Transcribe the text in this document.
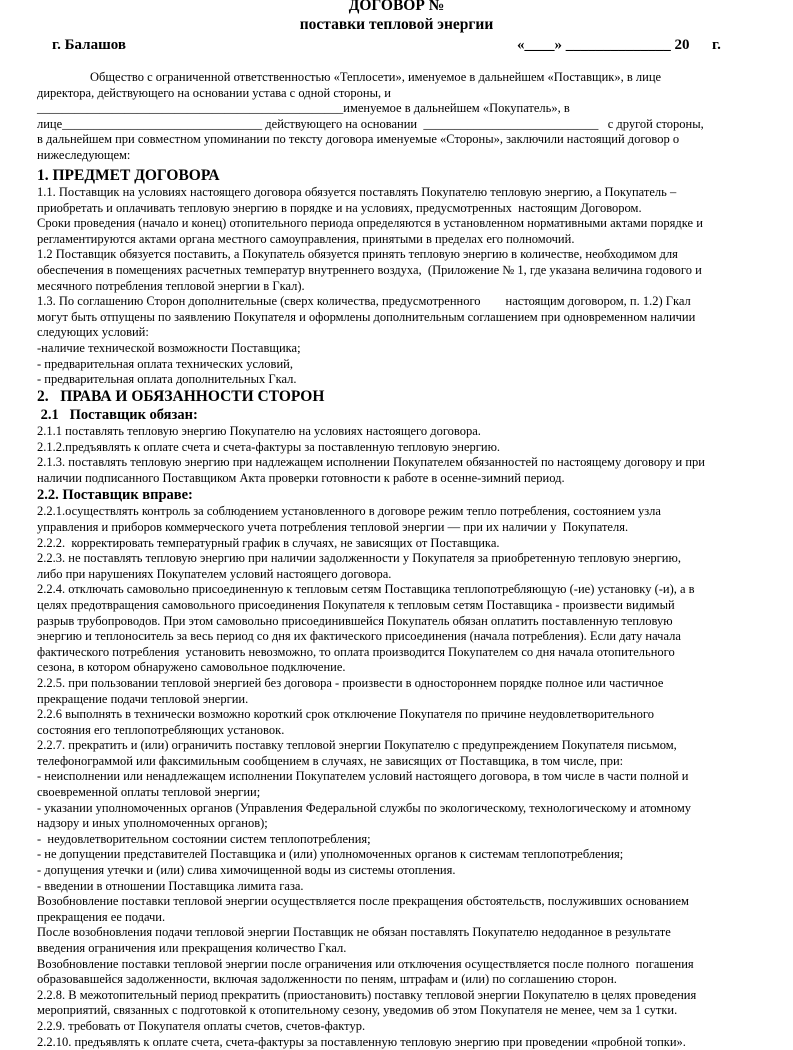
ДОГОВОР №
поставки тепловой энергии
г. Балашов	«____» ______________ 20      г.

Общество с ограниченной ответственностью «Теплосети», именуемое в дальнейшем «Поставщик», в лице

директора, действующего на основании устава с одной стороны, и

_________________________________________________именуемое в дальнейшем «Покупатель», в

лице________________________________ действующего на основании  ____________________________   с другой стороны,

в дальнейшем при совместном упоминании по тексту договора именуемые «Стороны», заключили настоящий договор о

нижеследующем:

1. ПРЕДМЕТ ДОГОВОРА

1.1. Поставщик на условиях настоящего договора обязуется поставлять Покупателю тепловую энергию, а Покупатель –

приобретать и оплачивать тепловую энергию в порядке и на условиях, предусмотренных  настоящим Договором.

Сроки проведения (начало и конец) отопительного периода определяются в установленном нормативными актами порядке и

регламентируются актами органа местного самоуправления, принятыми в пределах его полномочий.

1.2 Поставщик обязуется поставить, а Покупатель обязуется принять тепловую энергию в количестве, необходимом для

обеспечения в помещениях расчетных температур внутреннего воздуха,  (Приложение № 1, где указана величина годового и

месячного потребления тепловой энергии в Гкал).

1.3. По соглашению Сторон дополнительные (сверх количества, предусмотренного        настоящим договором, п. 1.2) Гкал

могут быть отпущены по заявлению Покупателя и оформлены дополнительным соглашением при одновременном наличии

следующих условий:

-наличие технической возможности Поставщика;

- предварительная оплата технических условий,

- предварительная оплата дополнительных Гкал.

2.   ПРАВА И ОБЯЗАННОСТИ СТОРОН

2.1   Поставщик обязан:

2.1.1 поставлять тепловую энергию Покупателю на условиях настоящего договора.

2.1.2.предъявлять к оплате счета и счета-фактуры за поставленную тепловую энергию.

2.1.3. поставлять тепловую энергию при надлежащем исполнении Покупателем обязанностей по настоящему договору и при

наличии подписанного Поставщиком Акта проверки готовности к работе в осенне-зимний период.

2.2. Поставщик вправе:

2.2.1.осуществлять контроль за соблюдением установленного в договоре режим тепло потребления, состоянием узла

управления и приборов коммерческого учета потребления тепловой энергии — при их наличии у  Покупателя.

2.2.2.  корректировать температурный график в случаях, не зависящих от Поставщика.

2.2.3. не поставлять тепловую энергию при наличии задолженности у Покупателя за приобретенную тепловую энергию,

либо при нарушениях Покупателем условий настоящего договора.

2.2.4. отключать самовольно присоединенную к тепловым сетям Поставщика теплопотребляющую (-ие) установку (-и), а в

целях предотвращения самовольного присоединения Покупателя к тепловым сетям Поставщика - произвести видимый

разрыв трубопроводов. При этом самовольно присоединившейся Покупатель обязан оплатить поставленную тепловую

энергию и теплоноситель за весь период со дня их фактического присоединения (начала потребления). Если дату начала

фактического потребления  установить невозможно, то оплата производится Покупателем со дня начала отопительного

сезона, в котором обнаружено самовольное подключение.

2.2.5. при пользовании тепловой энергией без договора - произвести в одностороннем порядке полное или частичное

прекращение подачи тепловой энергии.

2.2.6 выполнять в технически возможно короткий срок отключение Покупателя по причине неудовлетворительного

состояния его теплопотребляющих установок.

2.2.7. прекратить и (или) ограничить поставку тепловой энергии Покупателю с предупреждением Покупателя письмом,

телефонограммой или факсимильным сообщением в случаях, не зависящих от Поставщика, в том числе, при:

- неисполнении или ненадлежащем исполнении Покупателем условий настоящего договора, в том числе в части полной и

своевременной оплаты тепловой энергии;

- указании уполномоченных органов (Управления Федеральной службы по экологическому, технологическому и атомному

надзору и иных уполномоченных органов);

-  неудовлетворительном состоянии систем теплопотребления;

- не допущении представителей Поставщика и (или) уполномоченных органов к системам теплопотребления;

- допущения утечки и (или) слива химочищенной воды из системы отопления.

- введении в отношении Поставщика лимита газа.

Возобновление поставки тепловой энергии осуществляется после прекращения обстоятельств, послуживших основанием

прекращения ее подачи.

После возобновления подачи тепловой энергии Поставщик не обязан поставлять Покупателю недоданное в результате

введения ограничения или прекращения количество Гкал.

Возобновление поставки тепловой энергии после ограничения или отключения осуществляется после полного  погашения

образовавшейся задолженности, включая задолженности по пеням, штрафам и (или) по соглашению сторон.

2.2.8. В межотопительный период прекратить (приостановить) поставку тепловой энергии Покупателю в целях проведения

мероприятий, связанных с подготовкой к отопительному сезону, уведомив об этом Покупателя не менее, чем за 1 сутки.

2.2.9. требовать от Покупателя оплаты счетов, счетов-фактур.

2.2.10. предъявлять к оплате счета, счета-фактуры за поставленную тепловую энергию при проведении «пробной топки».
